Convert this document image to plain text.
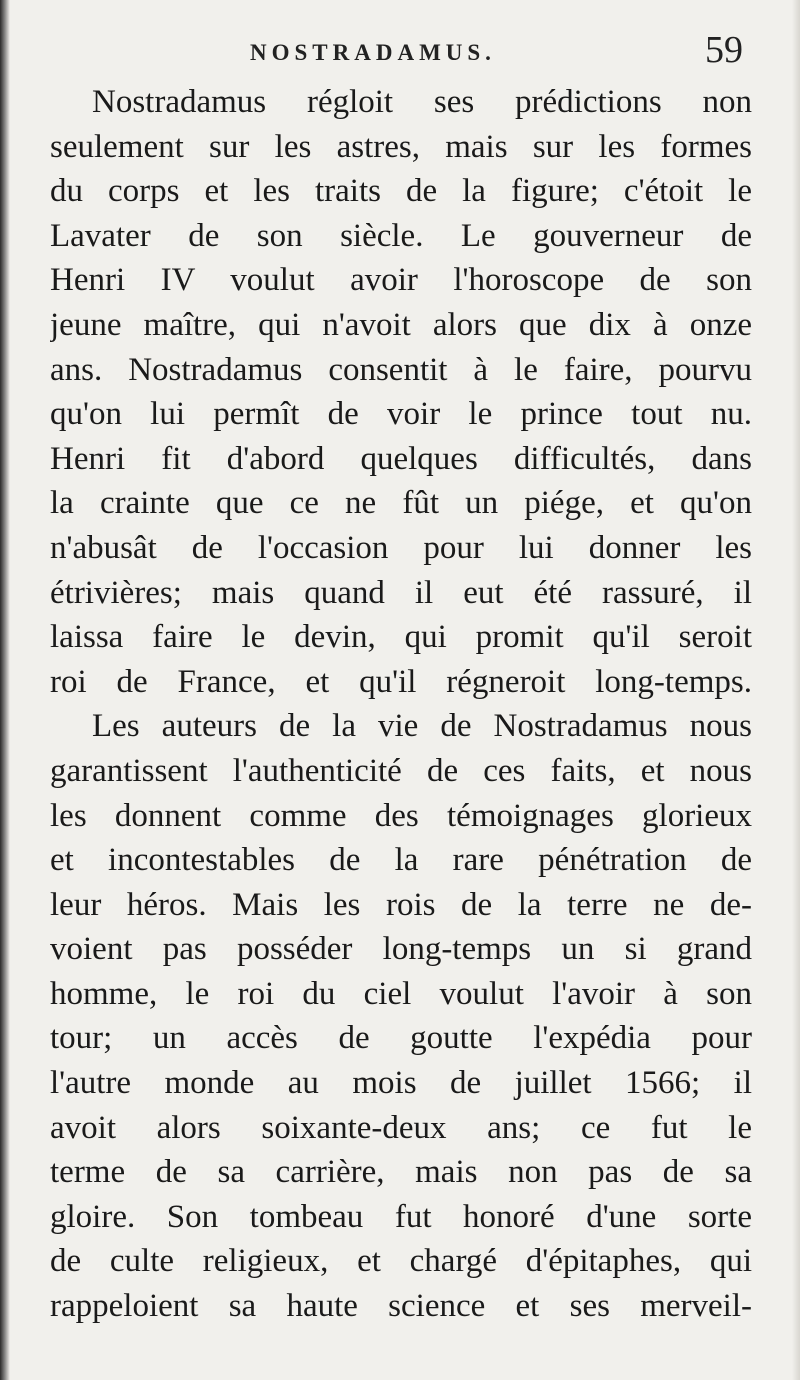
NOSTRADAMUS.	59
Nostradamus régloit ses prédictions non
seulement sur les astres, mais sur les formes
du corps et les traits de la figure; c'étoit le
Lavater de son siècle. Le gouverneur de
Henri IV voulut avoir l'horoscope de son
jeune maître, qui n'avoit alors que dix à onze
ans. Nostradamus consentit à le faire, pourvu
qu'on lui permît de voir le prince tout nu.
Henri fit d'abord quelques difficultés, dans
la crainte que ce ne fût un piége, et qu'on
n'abusât de l'occasion pour lui donner les
étrivières; mais quand il eut été rassuré, il
laissa faire le devin, qui promit qu'il seroit
roi de France, et qu'il régneroit long-temps.
Les auteurs de la vie de Nostradamus nous
garantissent l'authenticité de ces faits, et nous
les donnent comme des témoignages glorieux
et incontestables de la rare pénétration de
leur héros. Mais les rois de la terre ne de-
voient pas posséder long-temps un si grand
homme, le roi du ciel voulut l'avoir à son
tour; un accès de goutte l'expédia pour
l'autre monde au mois de juillet 1566; il
avoit alors soixante-deux ans; ce fut le
terme de sa carrière, mais non pas de sa
gloire. Son tombeau fut honoré d'une sorte
de culte religieux, et chargé d'épitaphes, qui
rappeloient sa haute science et ses merveil-
